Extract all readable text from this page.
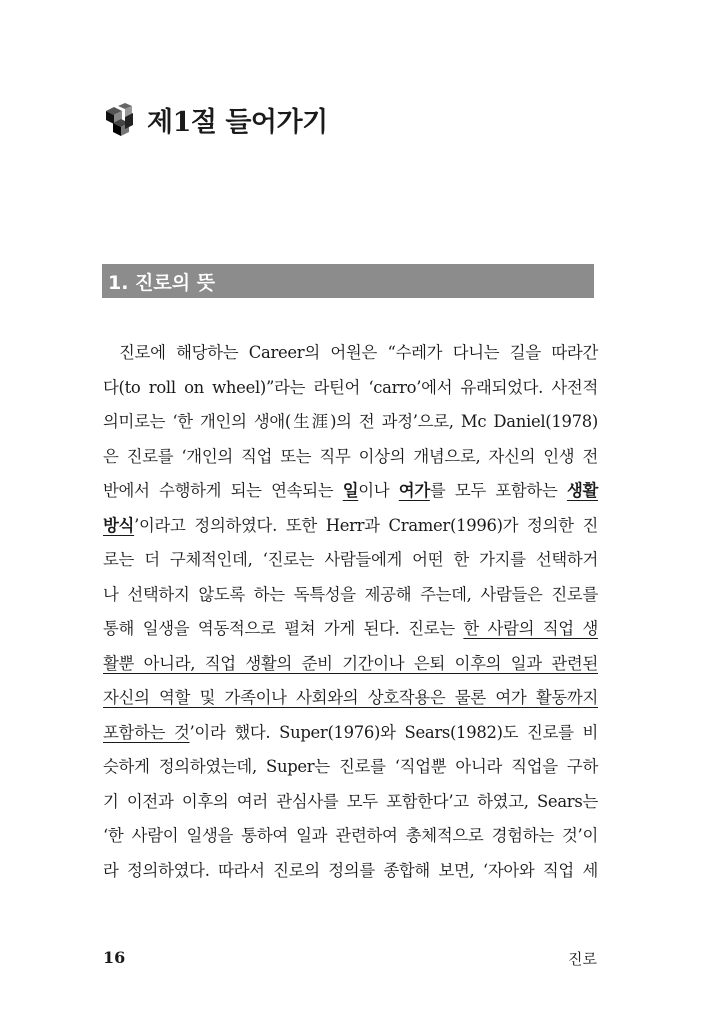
제1절 들어가기
1. 진로의 뜻
진로에 해당하는 Career의 어원은 “수레가 다니는 길을 따라간
다(to roll on wheel)”라는 라틴어 ‘carro’에서 유래되었다. 사전적
의미로는 ‘한 개인의 생애(生涯)의 전 과정’으로, Mc Daniel(1978)
은 진로를 ‘개인의 직업 또는 직무 이상의 개념으로, 자신의 인생 전
반에서 수행하게 되는 연속되는 일이나 여가를 모두 포함하는 생활
방식’이라고 정의하였다. 또한 Herr과 Cramer(1996)가 정의한 진
로는 더 구체적인데, ‘진로는 사람들에게 어떤 한 가지를 선택하거
나 선택하지 않도록 하는 독특성을 제공해 주는데, 사람들은 진로를
통해 일생을 역동적으로 펼쳐 가게 된다. 진로는 한 사람의 직업 생
활뿐 아니라, 직업 생활의 준비 기간이나 은퇴 이후의 일과 관련된
자신의 역할 및 가족이나 사회와의 상호작용은 물론 여가 활동까지
포함하는 것’이라 했다. Super(1976)와 Sears(1982)도 진로를 비
슷하게 정의하였는데, Super는 진로를 ‘직업뿐 아니라 직업을 구하
기 이전과 이후의 여러 관심사를 모두 포함한다’고 하였고, Sears는
‘한 사람이 일생을 통하여 일과 관련하여 총체적으로 경험하는 것’이
라 정의하였다. 따라서 진로의 정의를 종합해 보면, ‘자아와 직업 세
16	진로
